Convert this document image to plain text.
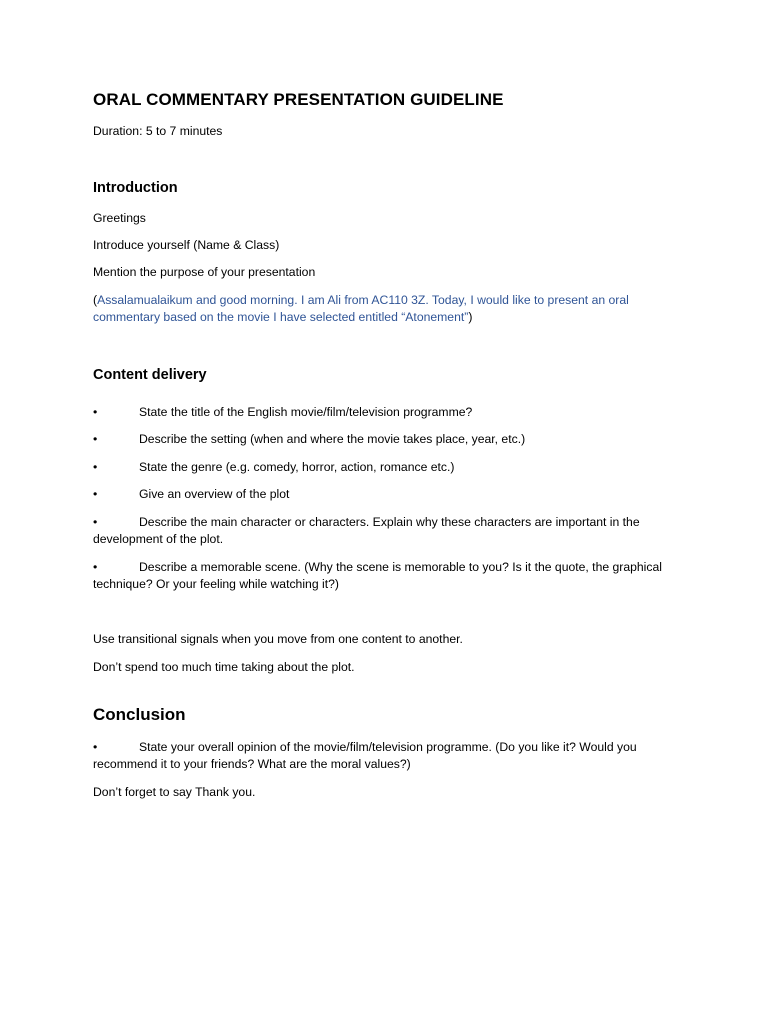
ORAL COMMENTARY PRESENTATION GUIDELINE
Duration: 5 to 7 minutes
Introduction
Greetings
Introduce yourself (Name & Class)
Mention the purpose of your presentation
(Assalamualaikum and good morning. I am Ali from AC110 3Z. Today, I would like to present an oral commentary based on the movie I have selected entitled “Atonement”)
Content delivery
•	State the title of the English movie/film/television programme?
•	Describe the setting (when and where the movie takes place, year, etc.)
•	State the genre (e.g. comedy, horror, action, romance etc.)
•	Give an overview of the plot
•	Describe the main character or characters. Explain why these characters are important in the development of the plot.
•	Describe a memorable scene. (Why the scene is memorable to you? Is it the quote, the graphical technique? Or your feeling while watching it?)
Use transitional signals when you move from one content to another.
Don’t spend too much time taking about the plot.
Conclusion
•	State your overall opinion of the movie/film/television programme. (Do you like it? Would you recommend it to your friends? What are the moral values?)
Don’t forget to say Thank you.
